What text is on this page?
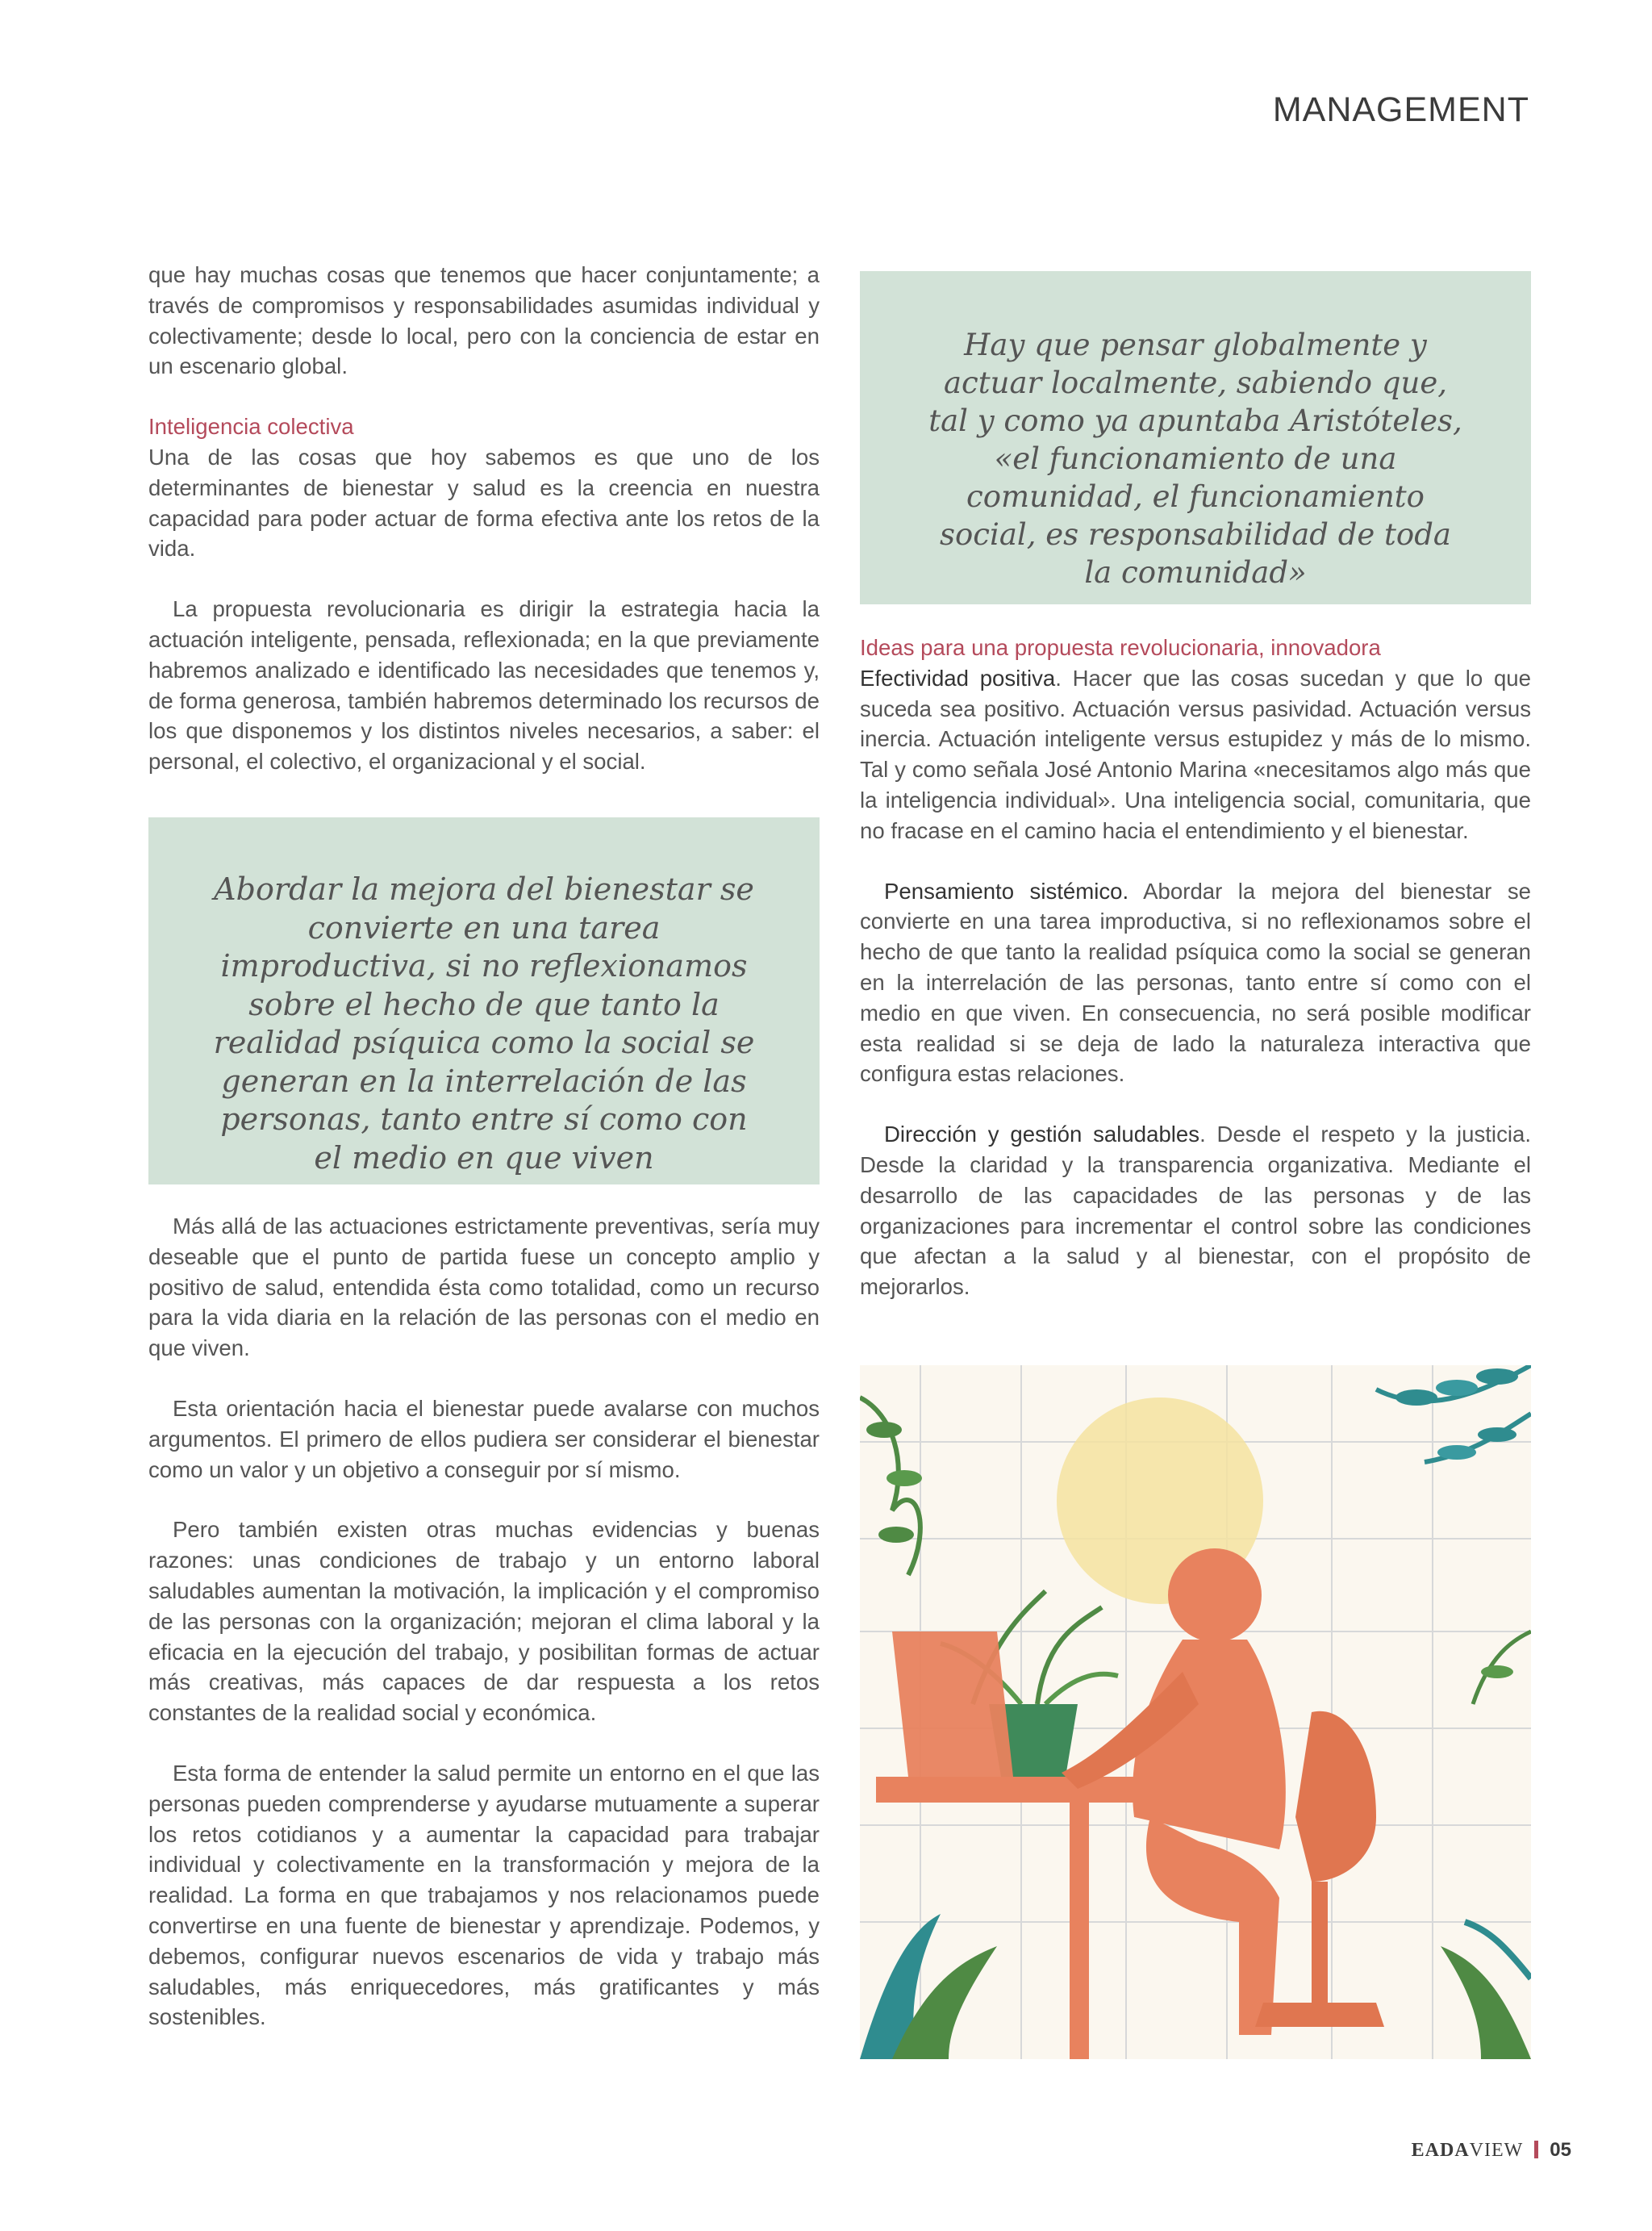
MANAGEMENT

que hay muchas cosas que tenemos que hacer conjuntamente; a través de compromisos y responsabilidades asumidas individual y colectivamente; desde lo local, pero con la conciencia de estar en un escenario global.

Inteligencia colectiva

Una de las cosas que hoy sabemos es que uno de los determinantes de bienestar y salud es la creencia en nuestra capacidad para poder actuar de forma efectiva ante los retos de la vida.

La propuesta revolucionaria es dirigir la estrategia hacia la actuación inteligente, pensada, reflexionada; en la que previamente habremos analizado e identificado las necesidades que tenemos y, de forma generosa, también habremos determinado los recursos de los que disponemos y los distintos niveles necesarios, a saber: el personal, el colectivo, el organizacional y el social.

Abordar la mejora del bienestar se convierte en una tarea improductiva, si no reflexionamos sobre el hecho de que tanto la realidad psíquica como la social se generan en la interrelación de las personas, tanto entre sí como con el medio en que viven

Más allá de las actuaciones estrictamente preventivas, sería muy deseable que el punto de partida fuese un concepto amplio y positivo de salud, entendida ésta como totalidad, como un recurso para la vida diaria en la relación de las personas con el medio en que viven.

Esta orientación hacia el bienestar puede avalarse con muchos argumentos. El primero de ellos pudiera ser considerar el bienestar como un valor y un objetivo a conseguir por sí mismo.

Pero también existen otras muchas evidencias y buenas razones: unas condiciones de trabajo y un entorno laboral saludables aumentan la motivación, la implicación y el compromiso de las personas con la organización; mejoran el clima laboral y la eficacia en la ejecución del trabajo, y posibilitan formas de actuar más creativas, más capaces de dar respuesta a los retos constantes de la realidad social y económica.

Esta forma de entender la salud permite un entorno en el que las personas pueden comprenderse y ayudarse mutuamente a superar los retos cotidianos y a aumentar la capacidad para trabajar individual y colectivamente en la transformación y mejora de la realidad. La forma en que trabajamos y nos relacionamos puede convertirse en una fuente de bienestar y aprendizaje. Podemos, y debemos, configurar nuevos escenarios de vida y trabajo más saludables, más enriquecedores, más gratificantes y más sostenibles.

Hay que pensar globalmente y actuar localmente, sabiendo que, tal y como ya apuntaba Aristóteles, «el funcionamiento de una comunidad, el funcionamiento social, es responsabilidad de toda la comunidad»

Ideas para una propuesta revolucionaria, innovadora

Efectividad positiva. Hacer que las cosas sucedan y que lo que suceda sea positivo. Actuación versus pasividad. Actuación versus inercia. Actuación inteligente versus estupidez y más de lo mismo. Tal y como señala José Antonio Marina «necesitamos algo más que la inteligencia individual». Una inteligencia social, comunitaria, que no fracase en el camino hacia el entendimiento y el bienestar.

Pensamiento sistémico. Abordar la mejora del bienestar se convierte en una tarea improductiva, si no reflexionamos sobre el hecho de que tanto la realidad psíquica como la social se generan en la interrelación de las personas, tanto entre sí como con el medio en que viven. En consecuencia, no será posible modificar esta realidad si se deja de lado la naturaleza interactiva que configura estas relaciones.

Dirección y gestión saludables. Desde el respeto y la justicia. Desde la claridad y la transparencia organizativa. Mediante el desarrollo de las capacidades de las personas y de las organizaciones para incrementar el control sobre las condiciones que afectan a la salud y al bienestar, con el propósito de mejorarlos.

EADAVIEW 05
